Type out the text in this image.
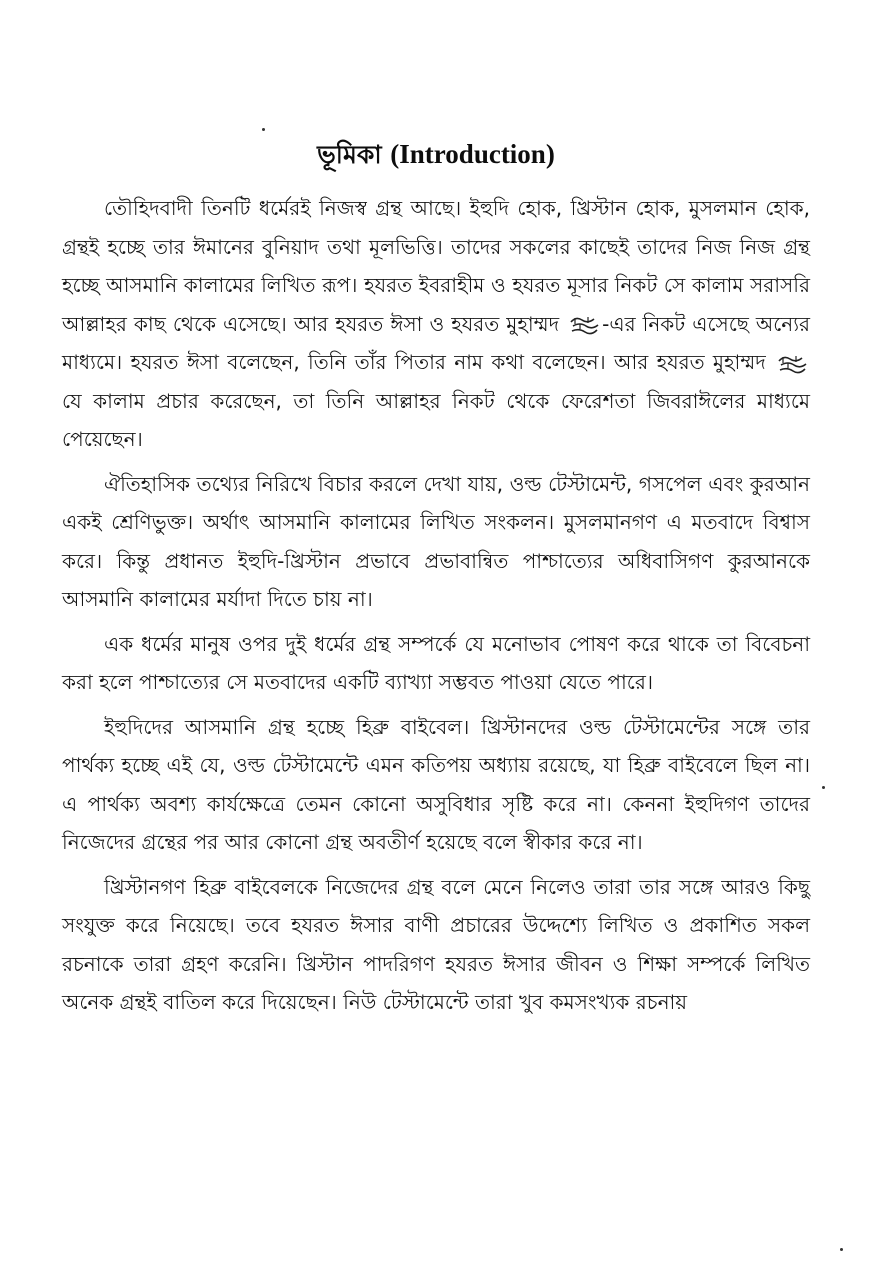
ভূমিকা (Introduction)

তৌহিদবাদী তিনটি ধর্মেরই নিজস্ব গ্রন্থ আছে। ইহুদি হোক, খ্রিস্টান হোক, মুসলমান হোক, গ্রন্থই হচ্ছে তার ঈমানের বুনিয়াদ তথা মূলভিত্তি। তাদের সকলের কাছেই তাদের নিজ নিজ গ্রন্থ হচ্ছে আসমানি কালামের লিখিত রূপ। হযরত ইবরাহীম ও হযরত মূসার নিকট সে কালাম সরাসরি আল্লাহর কাছ থেকে এসেছে। আর হযরত ঈসা ও হযরত মুহাম্মদ -এর নিকট এসেছে অন্যের মাধ্যমে। হযরত ঈসা বলেছেন, তিনি তাঁর পিতার নাম কথা বলেছেন। আর হযরত মুহাম্মদ  যে কালাম প্রচার করেছেন, তা তিনি আল্লাহর নিকট থেকে ফেরেশতা জিবরাঈলের মাধ্যমে পেয়েছেন।

ঐতিহাসিক তথ্যের নিরিখে বিচার করলে দেখা যায়, ওল্ড টেস্টামেন্ট, গসপেল এবং কুরআন একই শ্রেণিভুক্ত। অর্থাৎ আসমানি কালামের লিখিত সংকলন। মুসলমানগণ এ মতবাদে বিশ্বাস করে। কিন্তু প্রধানত ইহুদি-খ্রিস্টান প্রভাবে প্রভাবান্বিত পাশ্চাত্যের অধিবাসিগণ কুরআনকে আসমানি কালামের মর্যাদা দিতে চায় না।

এক ধর্মের মানুষ ওপর দুই ধর্মের গ্রন্থ সম্পর্কে যে মনোভাব পোষণ করে থাকে তা বিবেচনা করা হলে পাশ্চাত্যের সে মতবাদের একটি ব্যাখ্যা সম্ভবত পাওয়া যেতে পারে।

ইহুদিদের আসমানি গ্রন্থ হচ্ছে হিব্রু বাইবেল। খ্রিস্টানদের ওল্ড টেস্টামেন্টের সঙ্গে তার পার্থক্য হচ্ছে এই যে, ওল্ড টেস্টামেন্টে এমন কতিপয় অধ্যায় রয়েছে, যা হিব্রু বাইবেলে ছিল না। এ পার্থক্য অবশ্য কার্যক্ষেত্রে তেমন কোনো অসুবিধার সৃষ্টি করে না। কেননা ইহুদিগণ তাদের নিজেদের গ্রন্থের পর আর কোনো গ্রন্থ অবতীর্ণ হয়েছে বলে স্বীকার করে না।

খ্রিস্টানগণ হিব্রু বাইবেলকে নিজেদের গ্রন্থ বলে মেনে নিলেও তারা তার সঙ্গে আরও কিছু সংযুক্ত করে নিয়েছে। তবে হযরত ঈসার বাণী প্রচারের উদ্দেশ্যে লিখিত ও প্রকাশিত সকল রচনাকে তারা গ্রহণ করেনি। খ্রিস্টান পাদরিগণ হযরত ঈসার জীবন ও শিক্ষা সম্পর্কে লিখিত অনেক গ্রন্থই বাতিল করে দিয়েছেন। নিউ টেস্টামেন্টে তারা খুব কমসংখ্যক রচনায়
